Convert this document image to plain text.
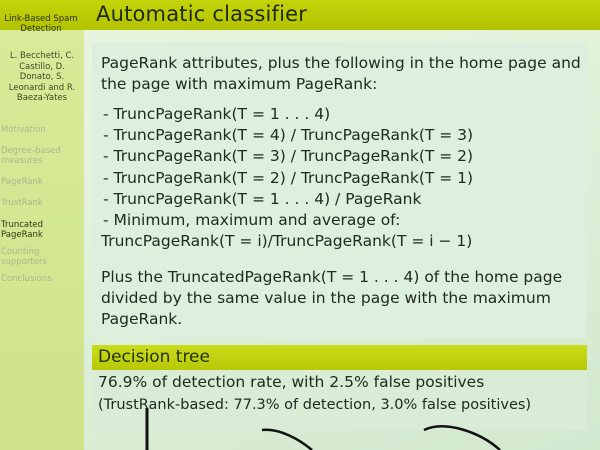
Automatic classifier
Link-Based Spam Detection
L. Becchetti, C. Castillo, D. Donato, S. Leonardi and R. Baeza-Yates
Motivation
Degree-based measures
PageRank
TrustRank
Truncated PageRank
Counting supporters
Conclusions
PageRank attributes, plus the following in the home page and the page with maximum PageRank:
- TruncPageRank(T = 1 . . . 4)
- TruncPageRank(T = 4) / TruncPageRank(T = 3)
- TruncPageRank(T = 3) / TruncPageRank(T = 2)
- TruncPageRank(T = 2) / TruncPageRank(T = 1)
- TruncPageRank(T = 1 . . . 4) / PageRank
- Minimum, maximum and average of:
TruncPageRank(T = i)/TruncPageRank(T = i − 1)
Plus the TruncatedPageRank(T = 1 . . . 4) of the home page divided by the same value in the page with the maximum PageRank.
Decision tree
76.9% of detection rate, with 2.5% false positives
(TrustRank-based: 77.3% of detection, 3.0% false positives)
